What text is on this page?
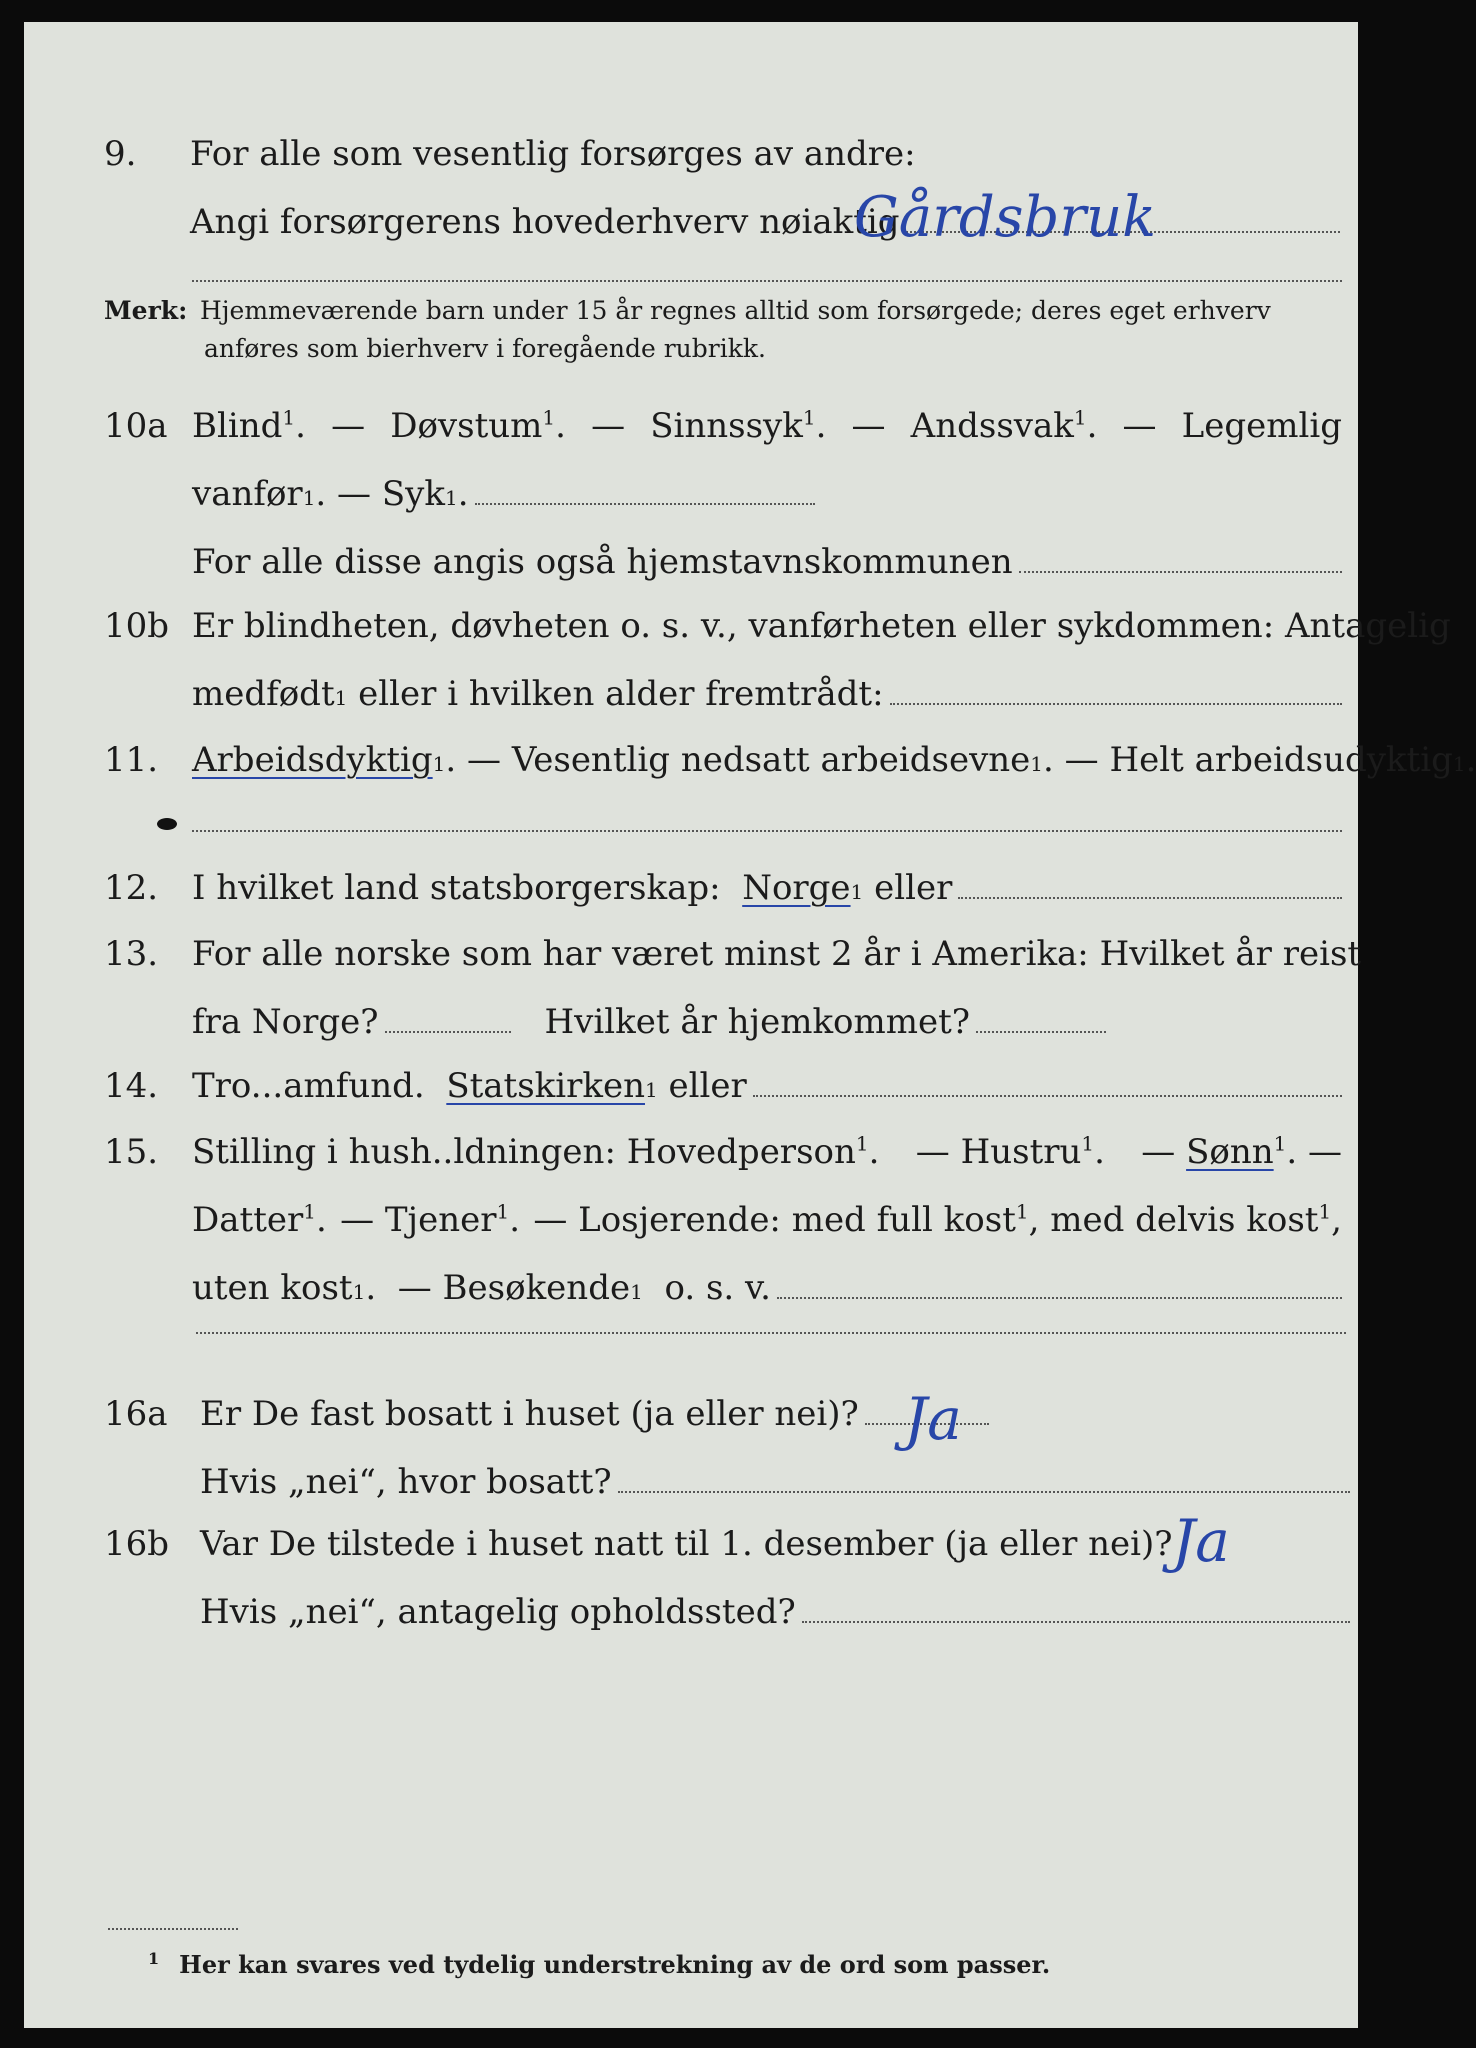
9. For alle som vesentlig forsørges av andre:
Angi forsørgerens hovederhverv nøiaktig
Gårdsbruk
Merk: Hjemmeværende barn under 15 år regnes alltid som forsørgede; deres eget erhverv
anføres som bierhverv i foregående rubrikk.
10a Blind$^1$. — Døvstum$^1$. — Sinnssyk$^1$. — Andssvak$^1$. — Legemlig
vanfør 1 . —
Syk 1 .
For alle disse angis også hjemstavnskommunen
10b Er blindheten, døvheten o. s. v., vanførheten eller sykdommen: Antagelig
medfødt 1
eller i hvilken alder fremtrådt:
11. Arbeidsdyktig 1 . — Vesentlig nedsatt arbeidsevne 1 . — Helt arbeidsudyktig 1 .
12. I hvilket land statsborgerskap:
Norge 1
eller
13. For alle norske som har været minst 2 år i Amerika: Hvilket år reist
fra Norge?	Hvilket år hjemkommet?
14. Tro...amfund.
Statskirken 1
eller
15. Stilling i hush..ldningen: Hovedperson$^1$. — Hustru$^1$. — Sønn$^1$. —
Datter$^1$. — Tjener$^1$. — Losjerende: med full kost$^1$, med delvis kost$^1$,
uten kost 1 . — Besøkende 1
o. s. v.
16a Er De fast bosatt i huset (ja eller nei)?
Hvis „nei“, hvor bosatt?
Ja
16b Var De tilstede i huset natt til 1. desember (ja eller nei)?
Hvis „nei“, antagelig opholdssted?
Ja
$^1$ Her kan svares ved tydelig understrekning av de ord som passer.
